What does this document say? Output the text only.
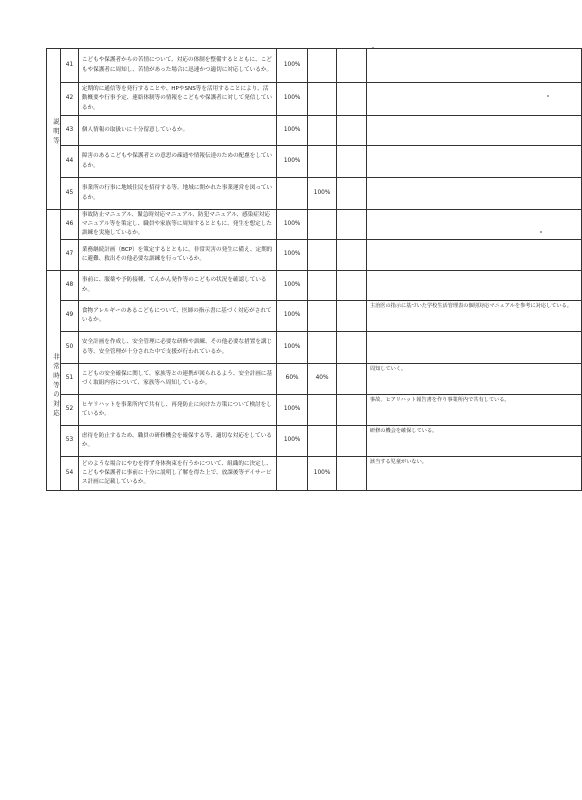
説明等	41	こどもや保護者からの苦情について、対応の体制を整備するとともに、こどもや保護者に周知し、苦情があった場合に迅速かつ適切に対応しているか。	100%			
	42	定期的に通信等を発行することや、HPやSNS等を活用することにより、活動概要や行事予定、連絡体制等の情報をこどもや保護者に対して発信しているか。	100%			
	43	個人情報の取扱いに十分留意しているか。	100%			
	44	障害のあるこどもや保護者との意思の疎通や情報伝達のための配慮をしているか。	100%			
	45	事業所の行事に地域住民を招待する等、地域に開かれた事業運営を図っているか。		100%		
	46	事故防止マニュアル、緊急時対応マニュアル、防犯マニュアル、感染症対応マニュアル等を策定し、職員や家族等に周知するとともに、発生を想定した訓練を実施しているか。	100%			
	47	業務継続計画（BCP）を策定するとともに、非常災害の発生に備え、定期的に避難、救出その他必要な訓練を行っているか。	100%			
非常時等の対応	48	事前に、服薬や予防接種、てんかん発作等のこどもの状況を確認しているか。	100%			
	49	食物アレルギーのあるこどもについて、医師の指示書に基づく対応がされているか。	100%			主治医の指示に基づいた学校生活管理表の個別対応マニュアルを参考に対応している。
	50	安全計画を作成し、安全管理に必要な研修や訓練、その他必要な措置を講じる等、安全管理が十分された中で支援が行われているか。	100%			
	51	こどもの安全確保に関して、家族等との連携が図られるよう、安全計画に基づく取組内容について、家族等へ周知しているか。	60%	40%		周知していく。
	52	ヒヤリハットを事業所内で共有し、再発防止に向けた方策について検討をしているか。	100%			事故、ヒアリハット報告書を作り事業所内で共有している。
	53	虐待を防止するため、職員の研修機会を確保する等、適切な対応をしているか。	100%			研修の機会を確保している。
	54	どのような場合にやむを得ず身体拘束を行うかについて、組織的に決定し、こどもや保護者に事前に十分に説明し了解を得た上で、放課後等デイサービス計画に記載しているか。		100%		該当する児童がいない。
